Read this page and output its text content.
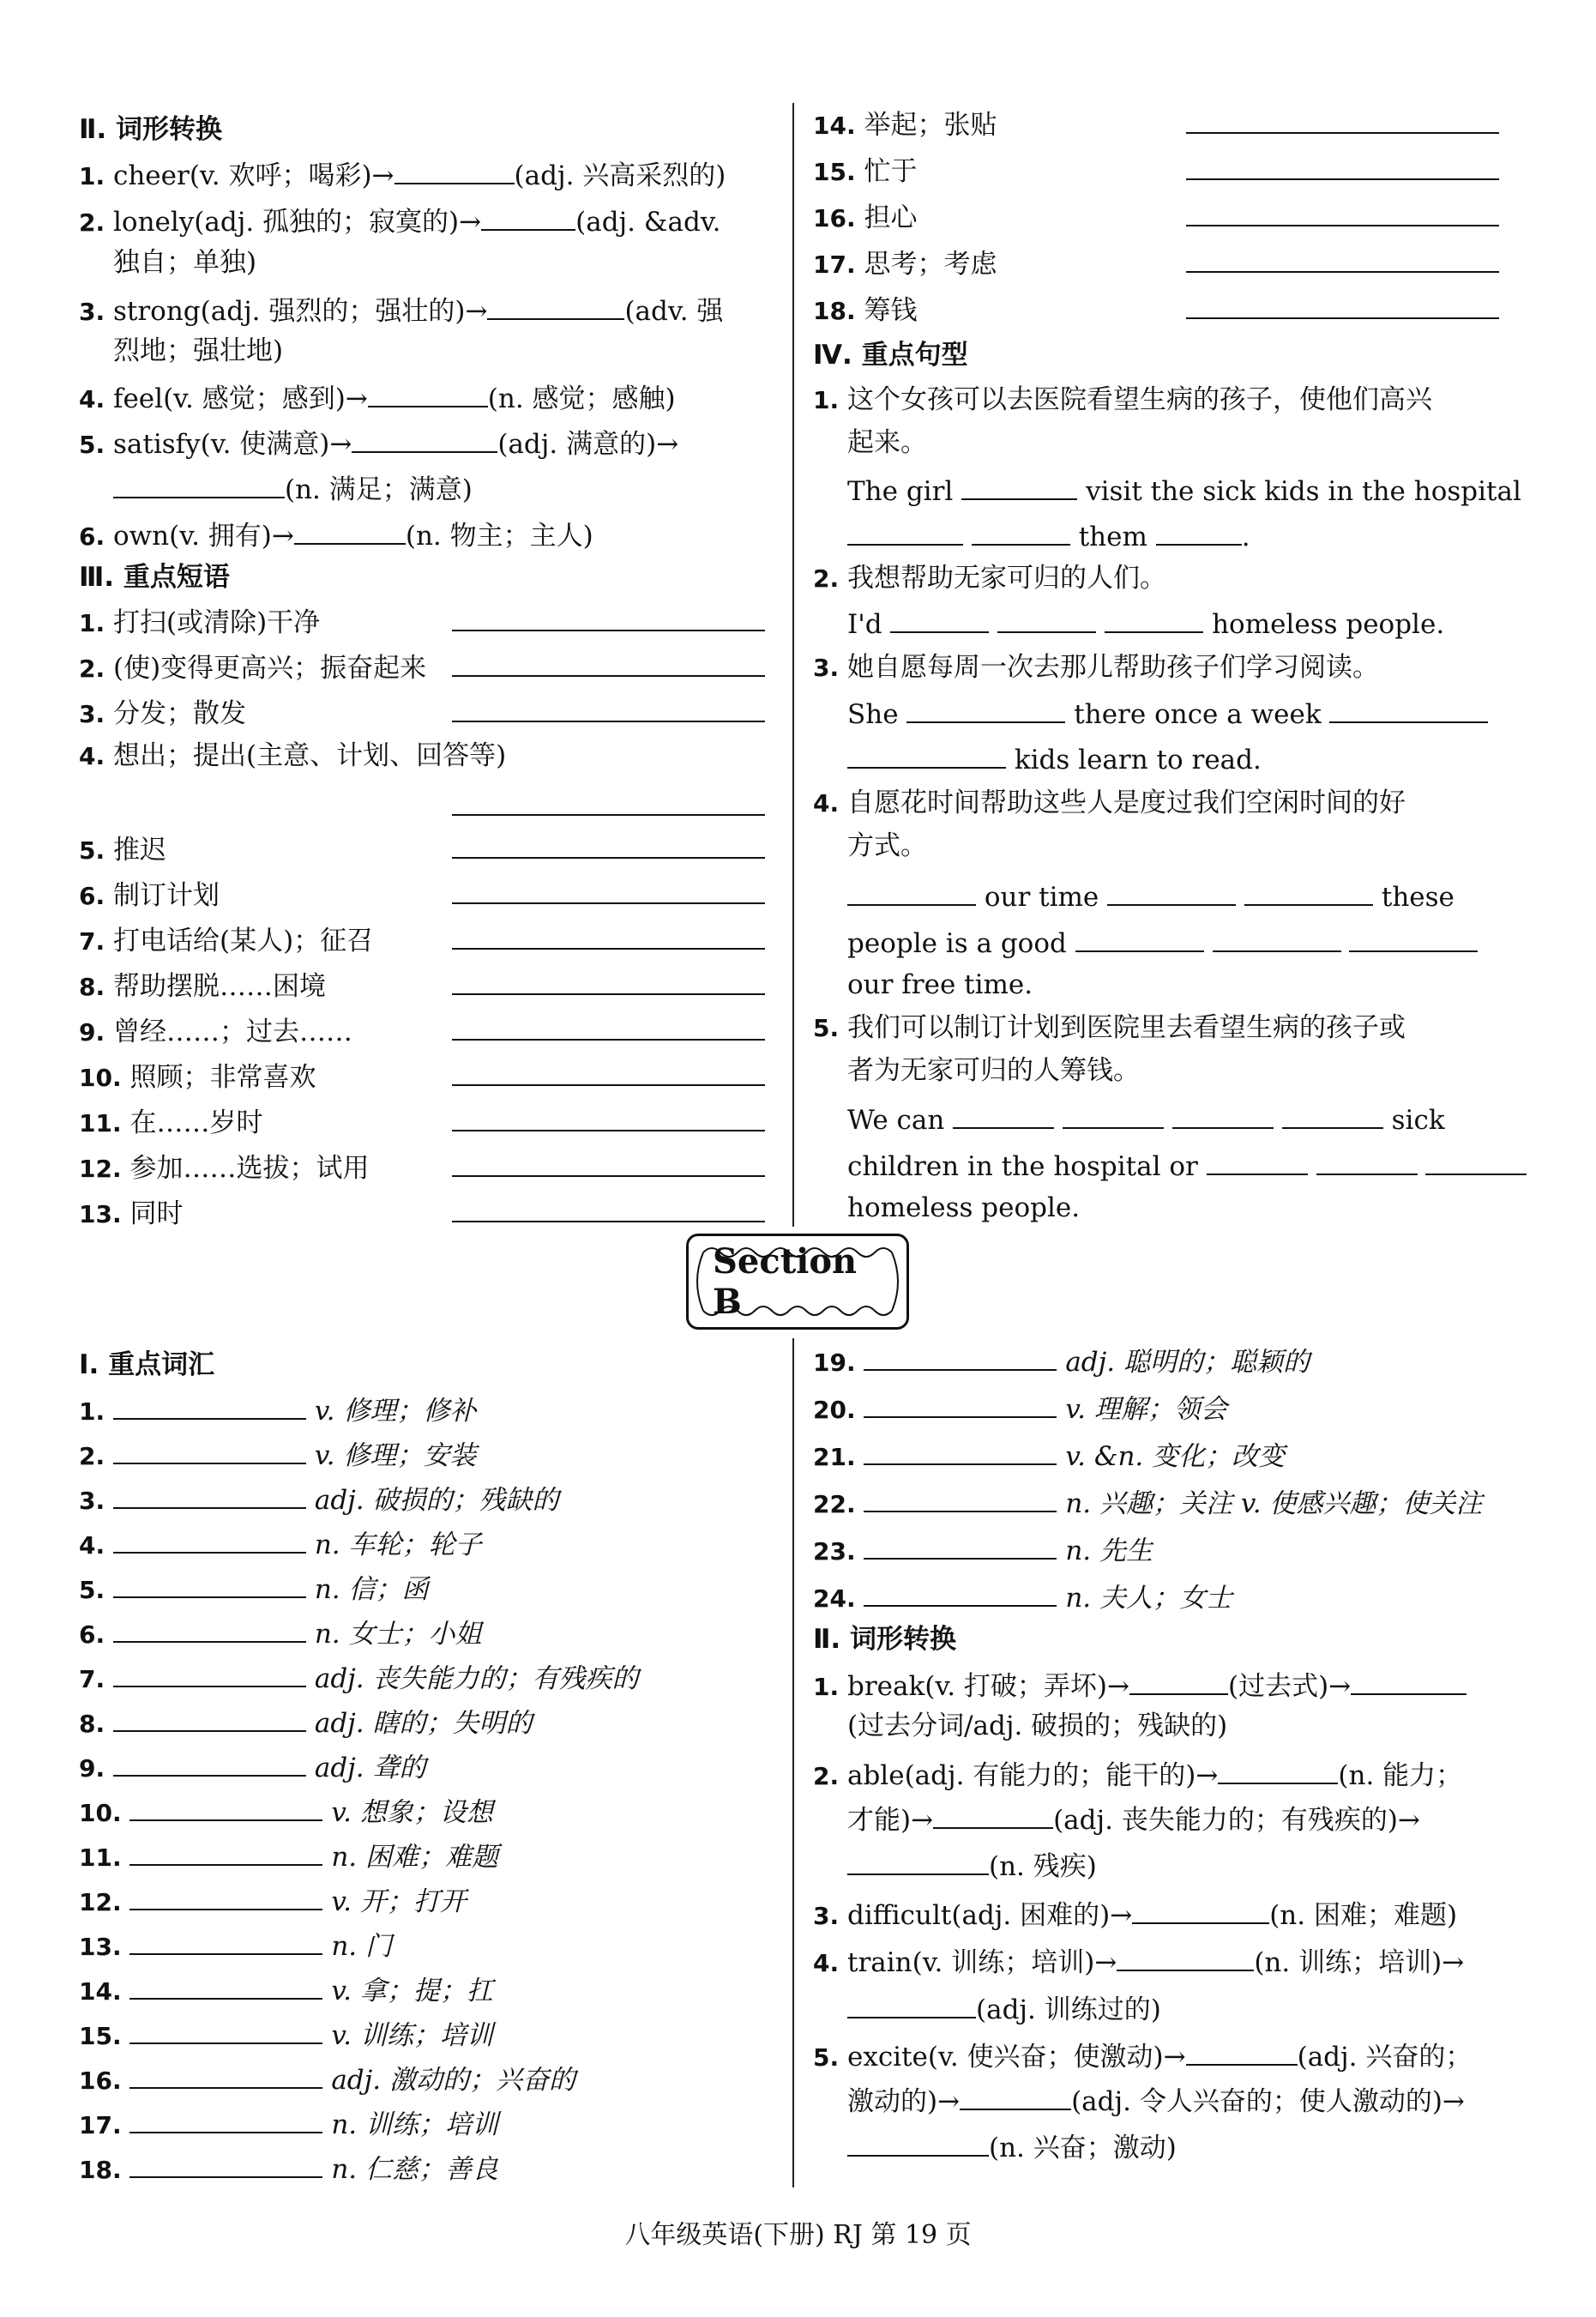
Ⅱ. 词形转换
1. cheer(v. 欢呼；喝彩)→	(adj. 兴高采烈的)
2. lonely(adj. 孤独的；寂寞的)→	(adj. &adv.
独自；单独)
3. strong(adj. 强烈的；强壮的)→	(adv. 强
烈地；强壮地)
4. feel(v. 感觉；感到)→	(n. 感觉；感触)
5. satisfy(v. 使满意)→	(adj. 满意的)→
(n. 满足；满意)
6. own(v. 拥有)→	(n. 物主；主人)
Ⅲ. 重点短语
1. 打扫(或清除)干净
2. (使)变得更高兴；振奋起来
3. 分发；散发
4. 想出；提出(主意、计划、回答等)
5. 推迟
6. 制订计划
7. 打电话给(某人)；征召
8. 帮助摆脱……困境
9. 曾经……；过去……
10. 照顾；非常喜欢
11. 在……岁时
12. 参加……选拔；试用
13. 同时
14. 举起；张贴
15. 忙于
16. 担心
17. 思考；考虑
18. 筹钱
Ⅳ. 重点句型
1. 这个女孩可以去医院看望生病的孩子，使他们高兴
起来。
The girl	visit the sick kids in the hospital
them	.
2. 我想帮助无家可归的人们。
I'd	homeless people.
3. 她自愿每周一次去那儿帮助孩子们学习阅读。
She	there once a week
kids learn to read.
4. 自愿花时间帮助这些人是度过我们空闲时间的好
方式。
our time	these
people is a good
our free time.
5. 我们可以制订计划到医院里去看望生病的孩子或
者为无家可归的人筹钱。
We can	sick
children in the hospital or
homeless people.
Section B
Ⅰ. 重点词汇
1.	v. 修理；修补
2.	v. 修理；安装
3.	adj. 破损的；残缺的
4.	n. 车轮；轮子
5.	n. 信；函
6.	n. 女士；小姐
7.	adj. 丧失能力的；有残疾的
8.	adj. 瞎的；失明的
9.	adj. 聋的
10.	v. 想象；设想
11.	n. 困难；难题
12.	v. 开；打开
13.	n. 门
14.	v. 拿；提；扛
15.	v. 训练；培训
16.	adj. 激动的；兴奋的
17.	n. 训练；培训
18.	n. 仁慈；善良
19.	adj. 聪明的；聪颖的
20.	v. 理解；领会
21.	v. &n. 变化；改变
22.	n. 兴趣；关注 v. 使感兴趣；使关注
23.	n. 先生
24.	n. 夫人；女士
Ⅱ. 词形转换
1. break(v. 打破；弄坏)→	(过去式)→
(过去分词/adj. 破损的；残缺的)
2. able(adj. 有能力的；能干的)→	(n. 能力；
才能)→	(adj. 丧失能力的；有残疾的)→
(n. 残疾)
3. difficult(adj. 困难的)→	(n. 困难；难题)
4. train(v. 训练；培训)→	(n. 训练；培训)→
(adj. 训练过的)
5. excite(v. 使兴奋；使激动)→	(adj. 兴奋的；
激动的)→	(adj. 令人兴奋的；使人激动的)→
(n. 兴奋；激动)
八年级英语(下册) RJ 第 19 页
